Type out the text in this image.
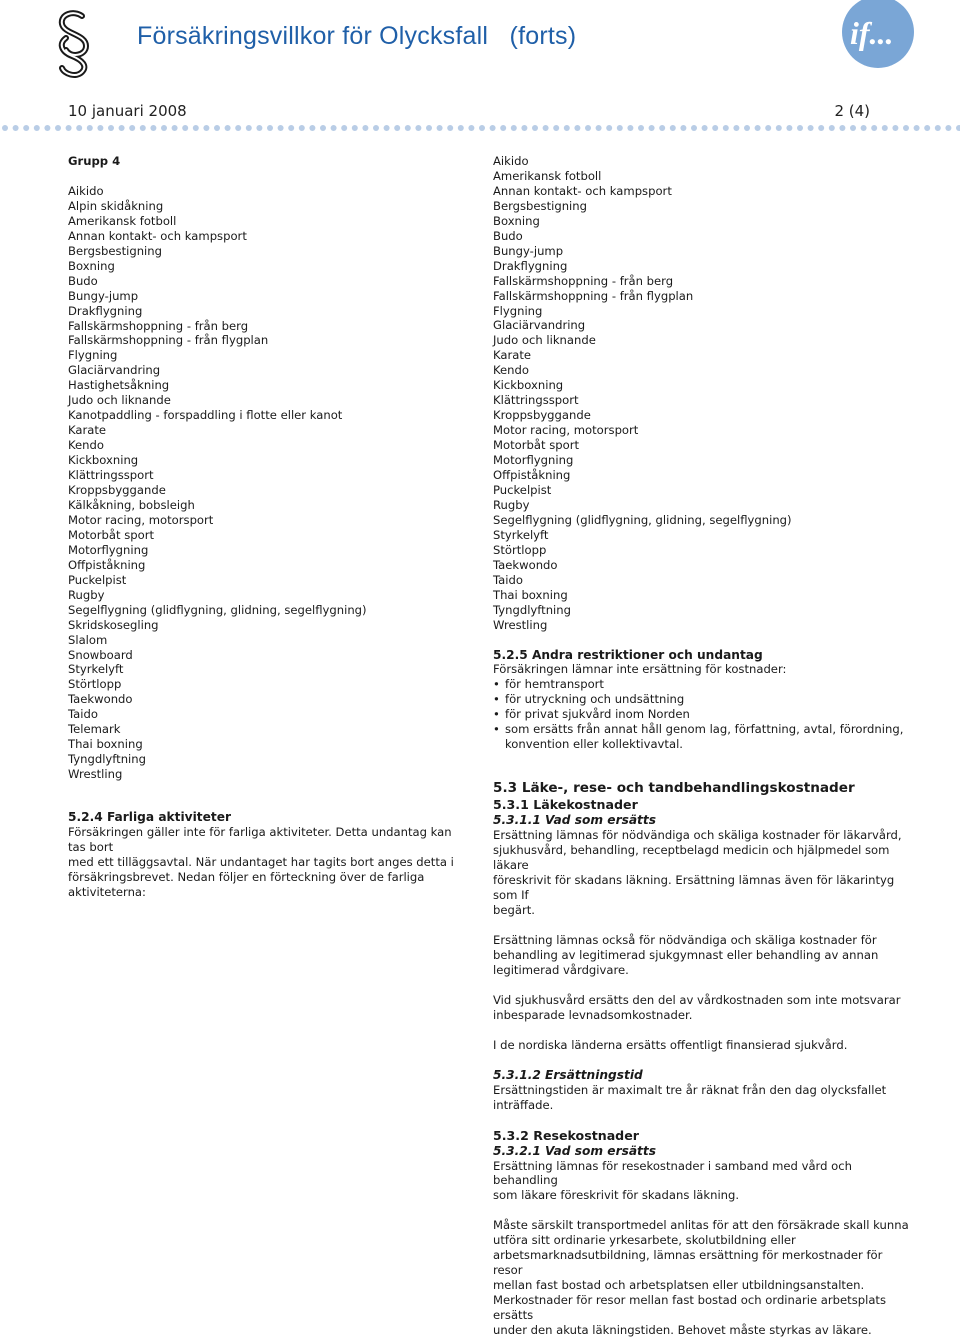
Försäkringsvillkor för Olycksfall (forts)	if...
10 januari 2008	2 (4)
Grupp 4
Aikido
Alpin skidåkning
Amerikansk fotboll
Annan kontakt- och kampsport
Bergsbestigning
Boxning
Budo
Bungy-jump
Drakflygning
Fallskärmshoppning - från berg
Fallskärmshoppning - från flygplan
Flygning
Glaciärvandring
Hastighetsåkning
Judo och liknande
Kanotpaddling - forspaddling i flotte eller kanot
Karate
Kendo
Kickboxning
Klättringssport
Kroppsbyggande
Kälkåkning, bobsleigh
Motor racing, motorsport
Motorbåt sport
Motorflygning
Offpiståkning
Puckelpist
Rugby
Segelflygning (glidflygning, glidning, segelflygning)
Skridskosegling
Slalom
Snowboard
Styrkelyft
Störtlopp
Taekwondo
Taido
Telemark
Thai boxning
Tyngdlyftning
Wrestling
5.2.4 Farliga aktiviteter
Försäkringen gäller inte för farliga aktiviteter. Detta undantag kan tas bort
med ett tilläggsavtal. När undantaget har tagits bort anges detta i
försäkringsbrevet. Nedan följer en förteckning över de farliga aktiviteterna:
Aikido
Amerikansk fotboll
Annan kontakt- och kampsport
Bergsbestigning
Boxning
Budo
Bungy-jump
Drakflygning
Fallskärmshoppning - från berg
Fallskärmshoppning - från flygplan
Flygning
Glaciärvandring
Judo och liknande
Karate
Kendo
Kickboxning
Klättringssport
Kroppsbyggande
Motor racing, motorsport
Motorbåt sport
Motorflygning
Offpiståkning
Puckelpist
Rugby
Segelflygning (glidflygning, glidning, segelflygning)
Styrkelyft
Störtlopp
Taekwondo
Taido
Thai boxning
Tyngdlyftning
Wrestling
5.2.5 Andra restriktioner och undantag
Försäkringen lämnar inte ersättning för kostnader:
• för hemtransport
• för utryckning och undsättning
• för privat sjukvård inom Norden
• som ersätts från annat håll genom lag, författning, avtal, förordning, konvention eller kollektivavtal.
5.3 Läke-, rese- och tandbehandlingskostnader
5.3.1 Läkekostnader
5.3.1.1 Vad som ersätts
Ersättning lämnas för nödvändiga och skäliga kostnader för läkarvård,
sjukhusvård, behandling, receptbelagd medicin och hjälpmedel som läkare
föreskrivit för skadans läkning. Ersättning lämnas även för läkarintyg som If
begärt.
Ersättning lämnas också för nödvändiga och skäliga kostnader för
behandling av legitimerad sjukgymnast eller behandling av annan
legitimerad vårdgivare.
Vid sjukhusvård ersätts den del av vårdkostnaden som inte motsvarar
inbesparade levnadsomkostnader.
I de nordiska länderna ersätts offentligt finansierad sjukvård.
5.3.1.2 Ersättningstid
Ersättningstiden är maximalt tre år räknat från den dag olycksfallet
inträffade.
5.3.2 Resekostnader
5.3.2.1 Vad som ersätts
Ersättning lämnas för resekostnader i samband med vård och behandling
som läkare föreskrivit för skadans läkning.
Måste särskilt transportmedel anlitas för att den försäkrade skall kunna
utföra sitt ordinarie yrkesarbete, skolutbildning eller
arbetsmarknadsutbildning, lämnas ersättning för merkostnader för resor
mellan fast bostad och arbetsplatsen eller utbildningsanstalten.
Merkostnader för resor mellan fast bostad och ordinarie arbetsplats ersätts
under den akuta läkningstiden. Behovet måste styrkas av läkare.
